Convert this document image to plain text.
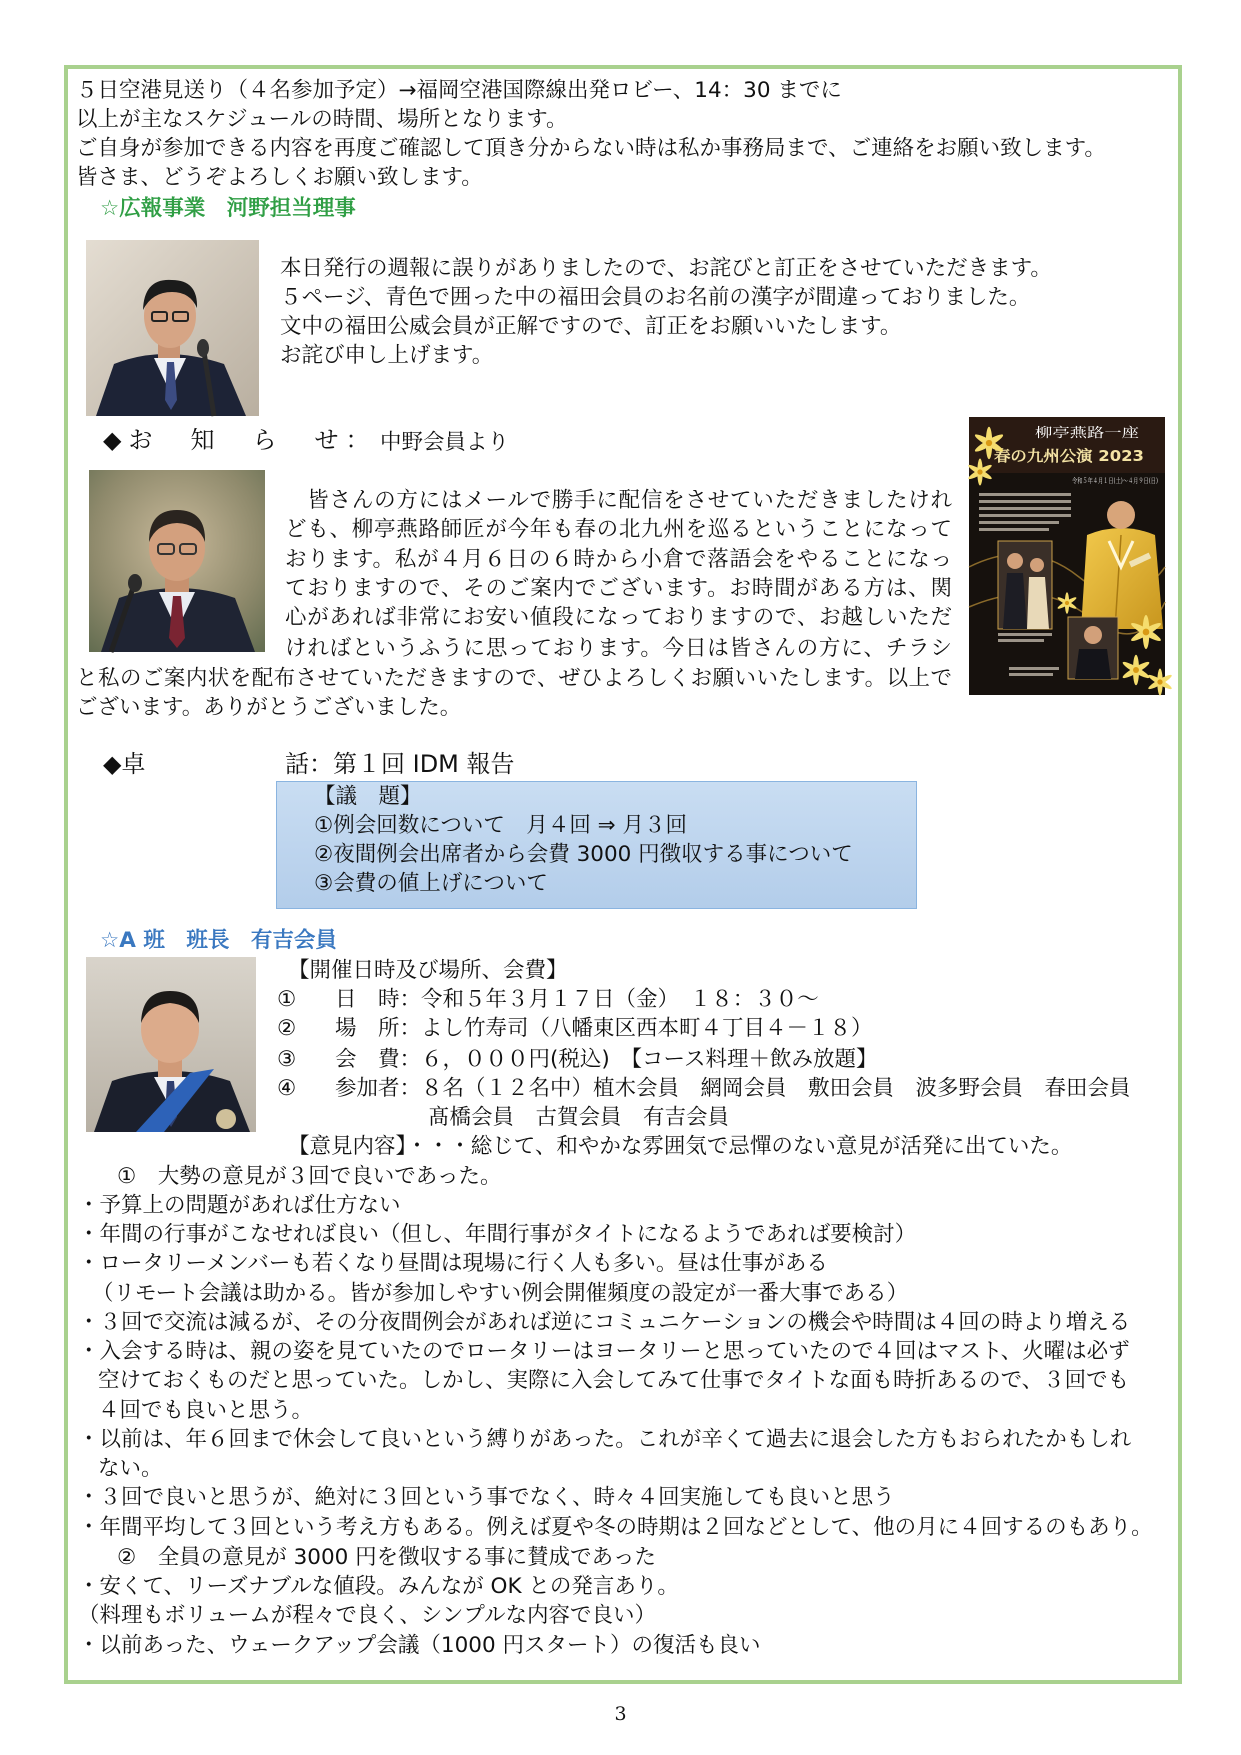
５日空港見送り（４名参加予定）→福岡空港国際線出発ロビー、14：30 までに
以上が主なスケジュールの時間、場所となります。
ご自身が参加できる内容を再度ご確認して頂き分からない時は私か事務局まで、ご連絡をお願い致します。
皆さま、どうぞよろしくお願い致します。
☆広報事業　河野担当理事
本日発行の週報に誤りがありましたので、お詫びと訂正をさせていただきます。
５ページ、青色で囲った中の福田会員のお名前の漢字が間違っておりました。
文中の福田公威会員が正解ですので、訂正をお願いいたします。
お詫び申し上げます。
◆お　知　ら　せ： 中野会員より
　皆さんの方にはメールで勝手に配信をさせていただきましたけれ
ども、柳亭燕路師匠が今年も春の北九州を巡るということになって
おります。私が４月６日の６時から小倉で落語会をやることになっ
ておりますので、そのご案内でございます。お時間がある方は、関
心があれば非常にお安い値段になっておりますので、お越しいただ
ければというふうに思っております。今日は皆さんの方に、チラシ
と私のご案内状を配布させていただきますので、ぜひよろしくお願いいたします。以上で
ございます。ありがとうございました。
柳亭燕路一座
春の九州公演 2023
令和５年４月１日(土)～４月９日(日)
◆卓	話：第１回 IDM 報告
【議　題】
①例会回数について　月４回 ⇒ 月３回
②夜間例会出席者から会費 3000 円徴収する事について
③会費の値上げについて
☆A 班　班長　有吉会員
【開催日時及び場所、会費】
① 日　時：令和５年３月１７日（金）　１８：３０～
② 場　所：よし竹寿司（八幡東区西本町４丁目４－１８）
③ 会　費：６，０００円(税込)　【コース料理＋飲み放題】
④ 参加者：８名（１２名中）植木会員　網岡会員　敷田会員　波多野会員　春田会員
髙橋会員　古賀会員　有吉会員
【意見内容】・・・総じて、和やかな雰囲気で忌憚のない意見が活発に出ていた。
①　大勢の意見が３回で良いであった。
・予算上の問題があれば仕方ない
・年間の行事がこなせれば良い（但し、年間行事がタイトになるようであれば要検討）
・ロータリーメンバーも若くなり昼間は現場に行く人も多い。昼は仕事がある
（リモート会議は助かる。皆が参加しやすい例会開催頻度の設定が一番大事である）
・３回で交流は減るが、その分夜間例会があれば逆にコミュニケーションの機会や時間は４回の時より増える
・入会する時は、親の姿を見ていたのでロータリーはヨータリーと思っていたので４回はマスト、火曜は必ず
空けておくものだと思っていた。しかし、実際に入会してみて仕事でタイトな面も時折あるので、３回でも
４回でも良いと思う。
・以前は、年６回まで休会して良いという縛りがあった。これが辛くて過去に退会した方もおられたかもしれ
ない。
・３回で良いと思うが、絶対に３回という事でなく、時々４回実施しても良いと思う
・年間平均して３回という考え方もある。例えば夏や冬の時期は２回などとして、他の月に４回するのもあり。
②　全員の意見が 3000 円を徴収する事に賛成であった
・安くて、リーズナブルな値段。みんなが OK との発言あり。
（料理もボリュームが程々で良く、シンプルな内容で良い）
・以前あった、ウェークアップ会議（1000 円スタート）の復活も良い
3
